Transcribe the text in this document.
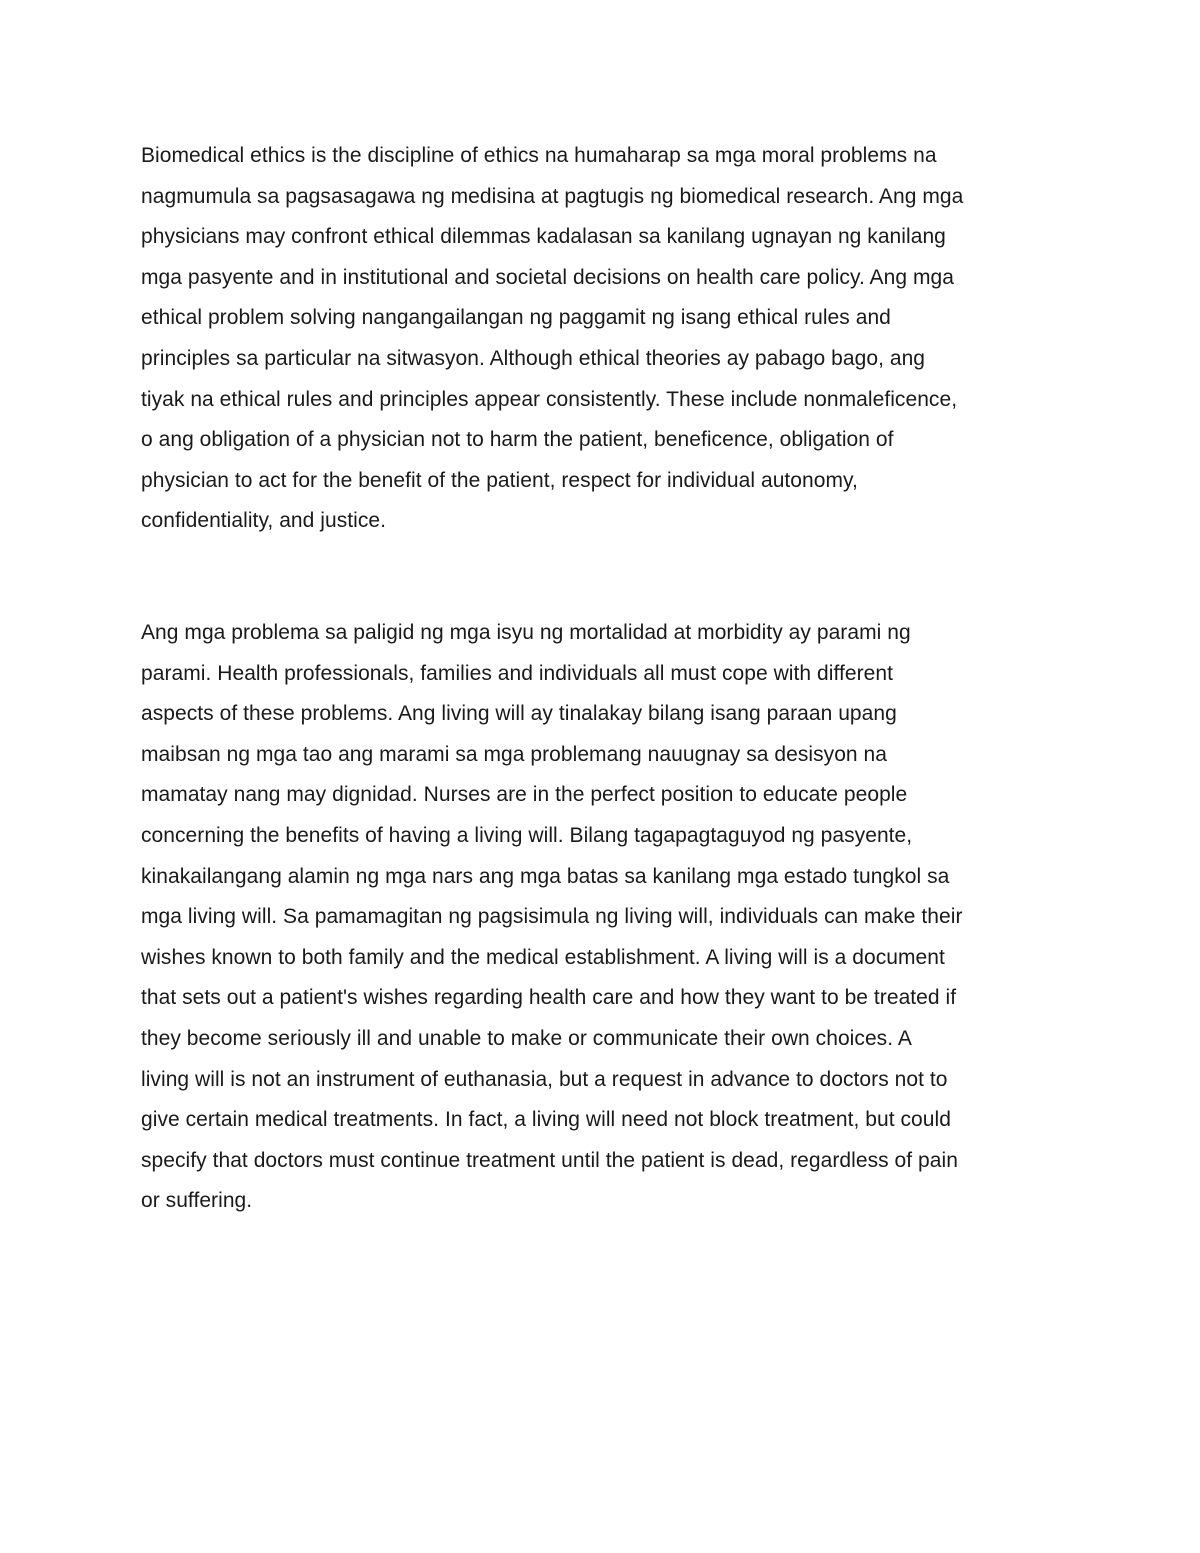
Biomedical ethics is the discipline of ethics na humaharap sa mga moral problems na
nagmumula sa pagsasagawa ng medisina at pagtugis ng biomedical research. Ang mga
physicians may confront ethical dilemmas kadalasan sa kanilang ugnayan ng kanilang
mga pasyente and in institutional and societal decisions on health care policy. Ang mga
ethical problem solving nangangailangan ng paggamit ng isang ethical rules and
principles sa particular na sitwasyon. Although ethical theories ay pabago bago, ang
tiyak na ethical rules and principles appear consistently. These include nonmaleficence,
o ang obligation of a physician not to harm the patient, beneficence, obligation of
physician to act for the benefit of the patient, respect for individual autonomy,
confidentiality, and justice.
Ang mga problema sa paligid ng mga isyu ng mortalidad at morbidity ay parami ng
parami. Health professionals, families and individuals all must cope with different
aspects of these problems. Ang living will ay tinalakay bilang isang paraan upang
maibsan ng mga tao ang marami sa mga problemang nauugnay sa desisyon na
mamatay nang may dignidad. Nurses are in the perfect position to educate people
concerning the benefits of having a living will. Bilang tagapagtaguyod ng pasyente,
kinakailangang alamin ng mga nars ang mga batas sa kanilang mga estado tungkol sa
mga living will. Sa pamamagitan ng pagsisimula ng living will, individuals can make their
wishes known to both family and the medical establishment. A living will is a document
that sets out a patient's wishes regarding health care and how they want to be treated if
they become seriously ill and unable to make or communicate their own choices. A
living will is not an instrument of euthanasia, but a request in advance to doctors not to
give certain medical treatments. In fact, a living will need not block treatment, but could
specify that doctors must continue treatment until the patient is dead, regardless of pain
or suffering.
